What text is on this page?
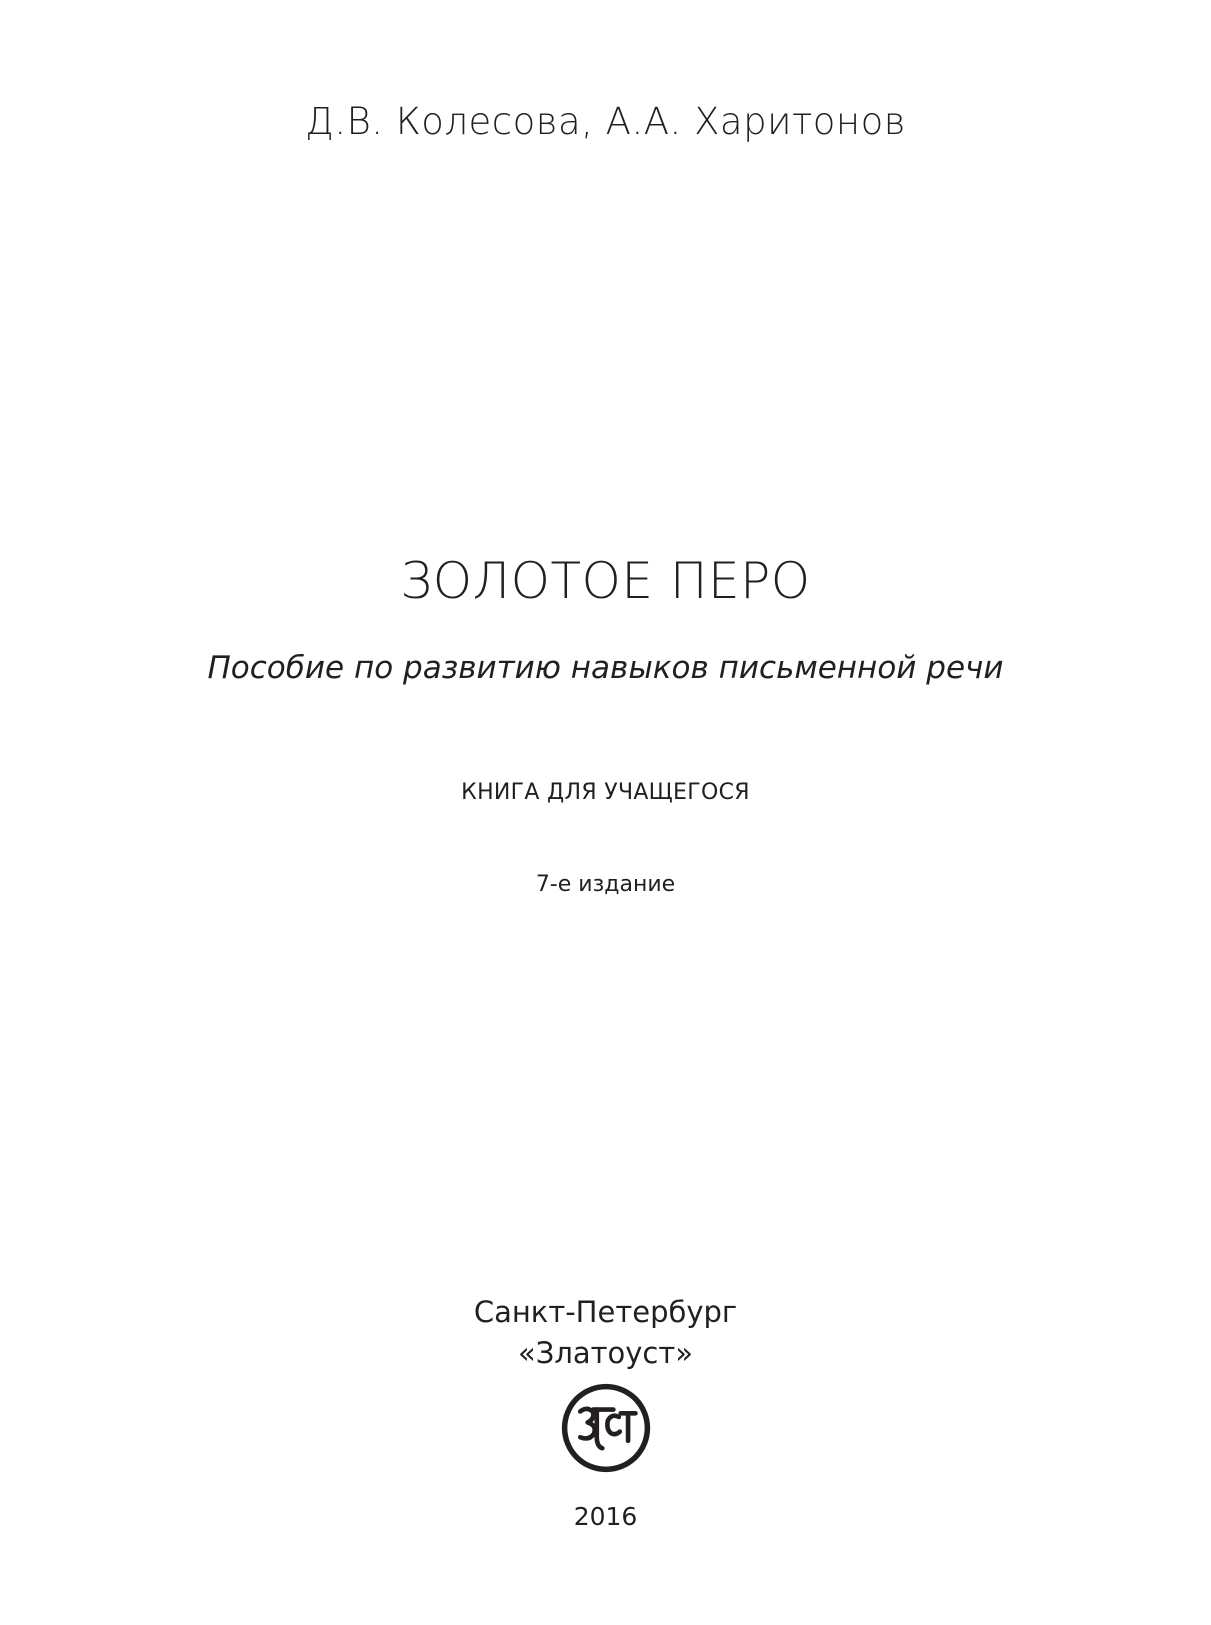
Д.В. Колесова, А.А. Харитонов
ЗОЛОТОЕ ПЕРО
Пособие по развитию навыков письменной речи
КНИГА ДЛЯ УЧАЩЕГОСЯ
7-е издание
Санкт-Петербург
«Златоуст»
2016
